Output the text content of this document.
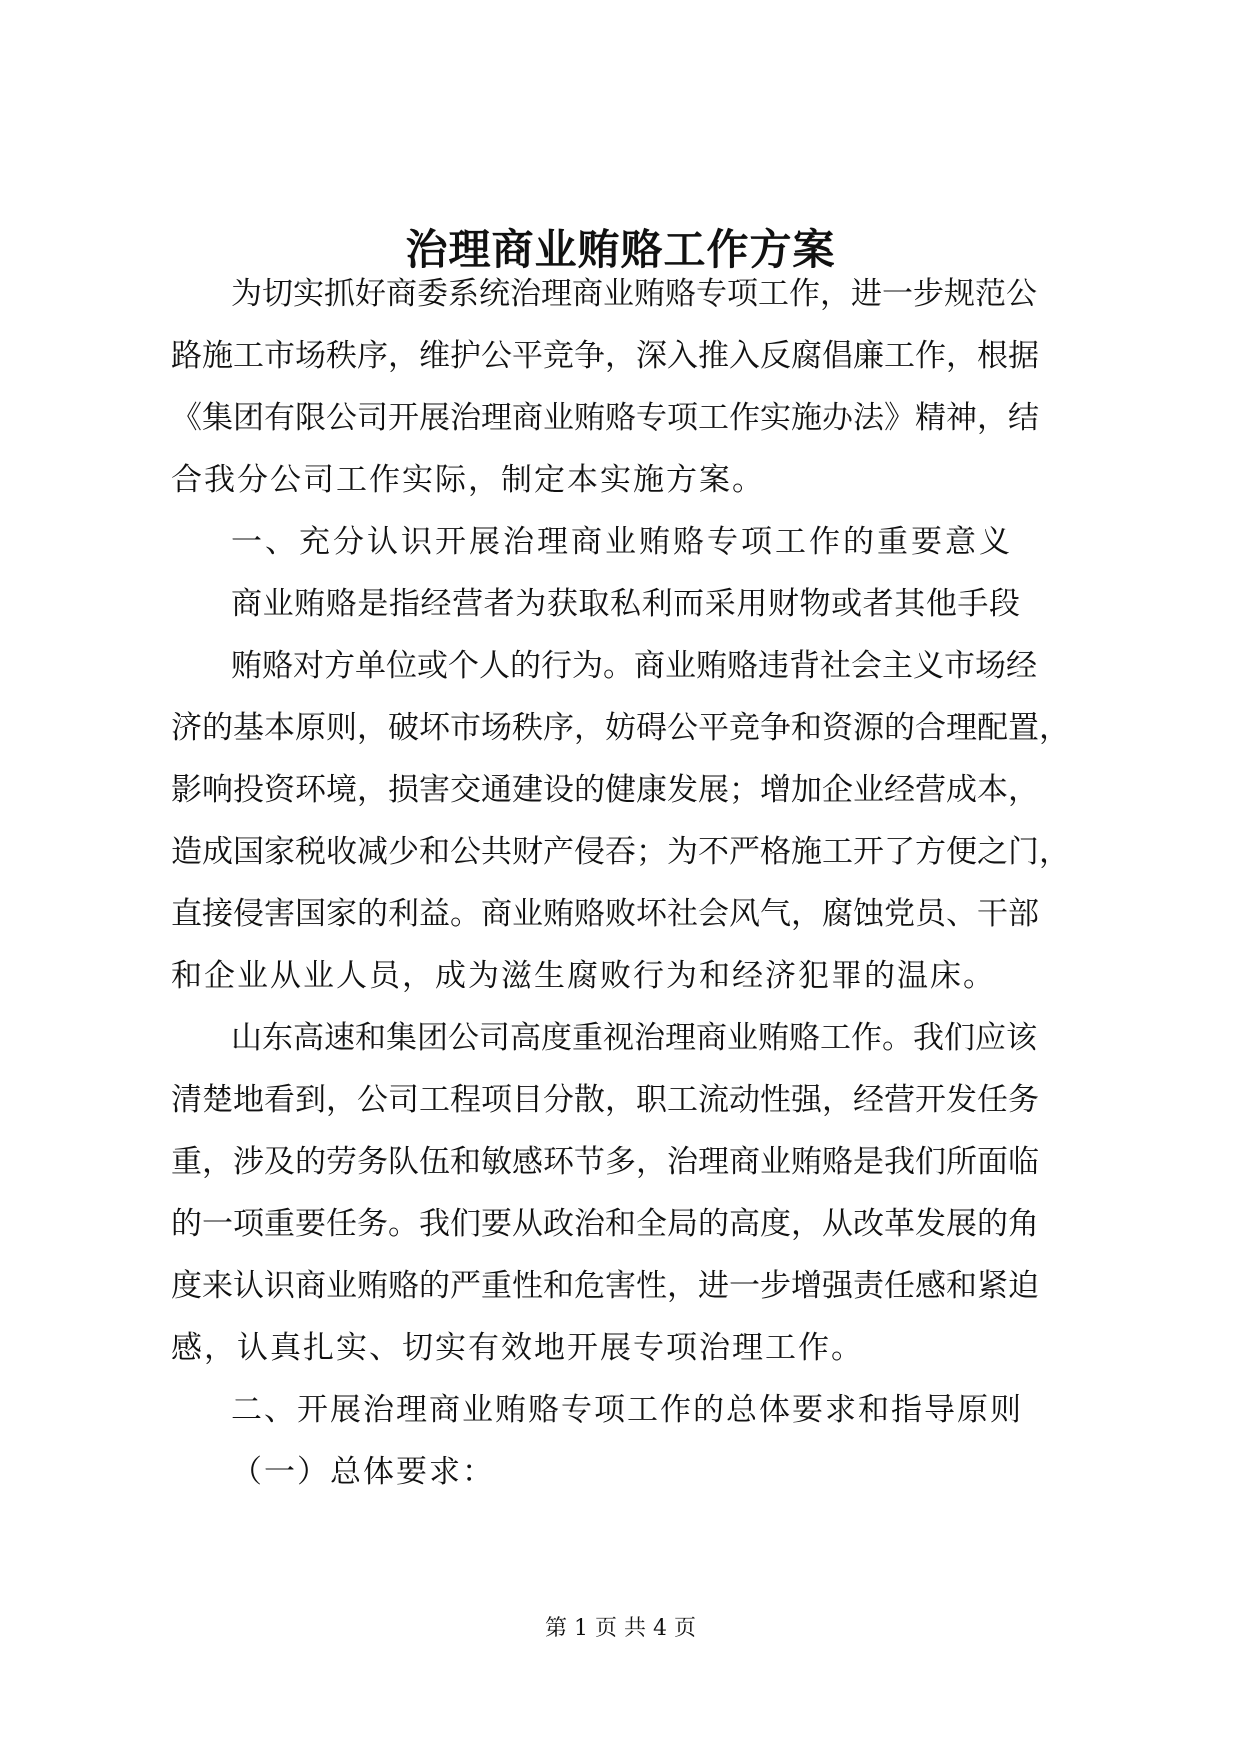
治理商业贿赂工作方案
为切实抓好商委系统治理商业贿赂专项工作，进一步规范公
路施工市场秩序，维护公平竞争，深入推入反腐倡廉工作，根据
《集团有限公司开展治理商业贿赂专项工作实施办法》精神，结
合我分公司工作实际，制定本实施方案。
一、充分认识开展治理商业贿赂专项工作的重要意义
商业贿赂是指经营者为获取私利而采用财物或者其他手段
贿赂对方单位或个人的行为。商业贿赂违背社会主义市场经
济的基本原则，破坏市场秩序，妨碍公平竞争和资源的合理配置，
影响投资环境，损害交通建设的健康发展；增加企业经营成本，
造成国家税收减少和公共财产侵吞；为不严格施工开了方便之门，
直接侵害国家的利益。商业贿赂败坏社会风气，腐蚀党员、干部
和企业从业人员，成为滋生腐败行为和经济犯罪的温床。
山东高速和集团公司高度重视治理商业贿赂工作。我们应该
清楚地看到，公司工程项目分散，职工流动性强，经营开发任务
重，涉及的劳务队伍和敏感环节多，治理商业贿赂是我们所面临
的一项重要任务。我们要从政治和全局的高度，从改革发展的角
度来认识商业贿赂的严重性和危害性，进一步增强责任感和紧迫
感，认真扎实、切实有效地开展专项治理工作。
二、开展治理商业贿赂专项工作的总体要求和指导原则
（一）总体要求：
第 1 页 共 4 页
